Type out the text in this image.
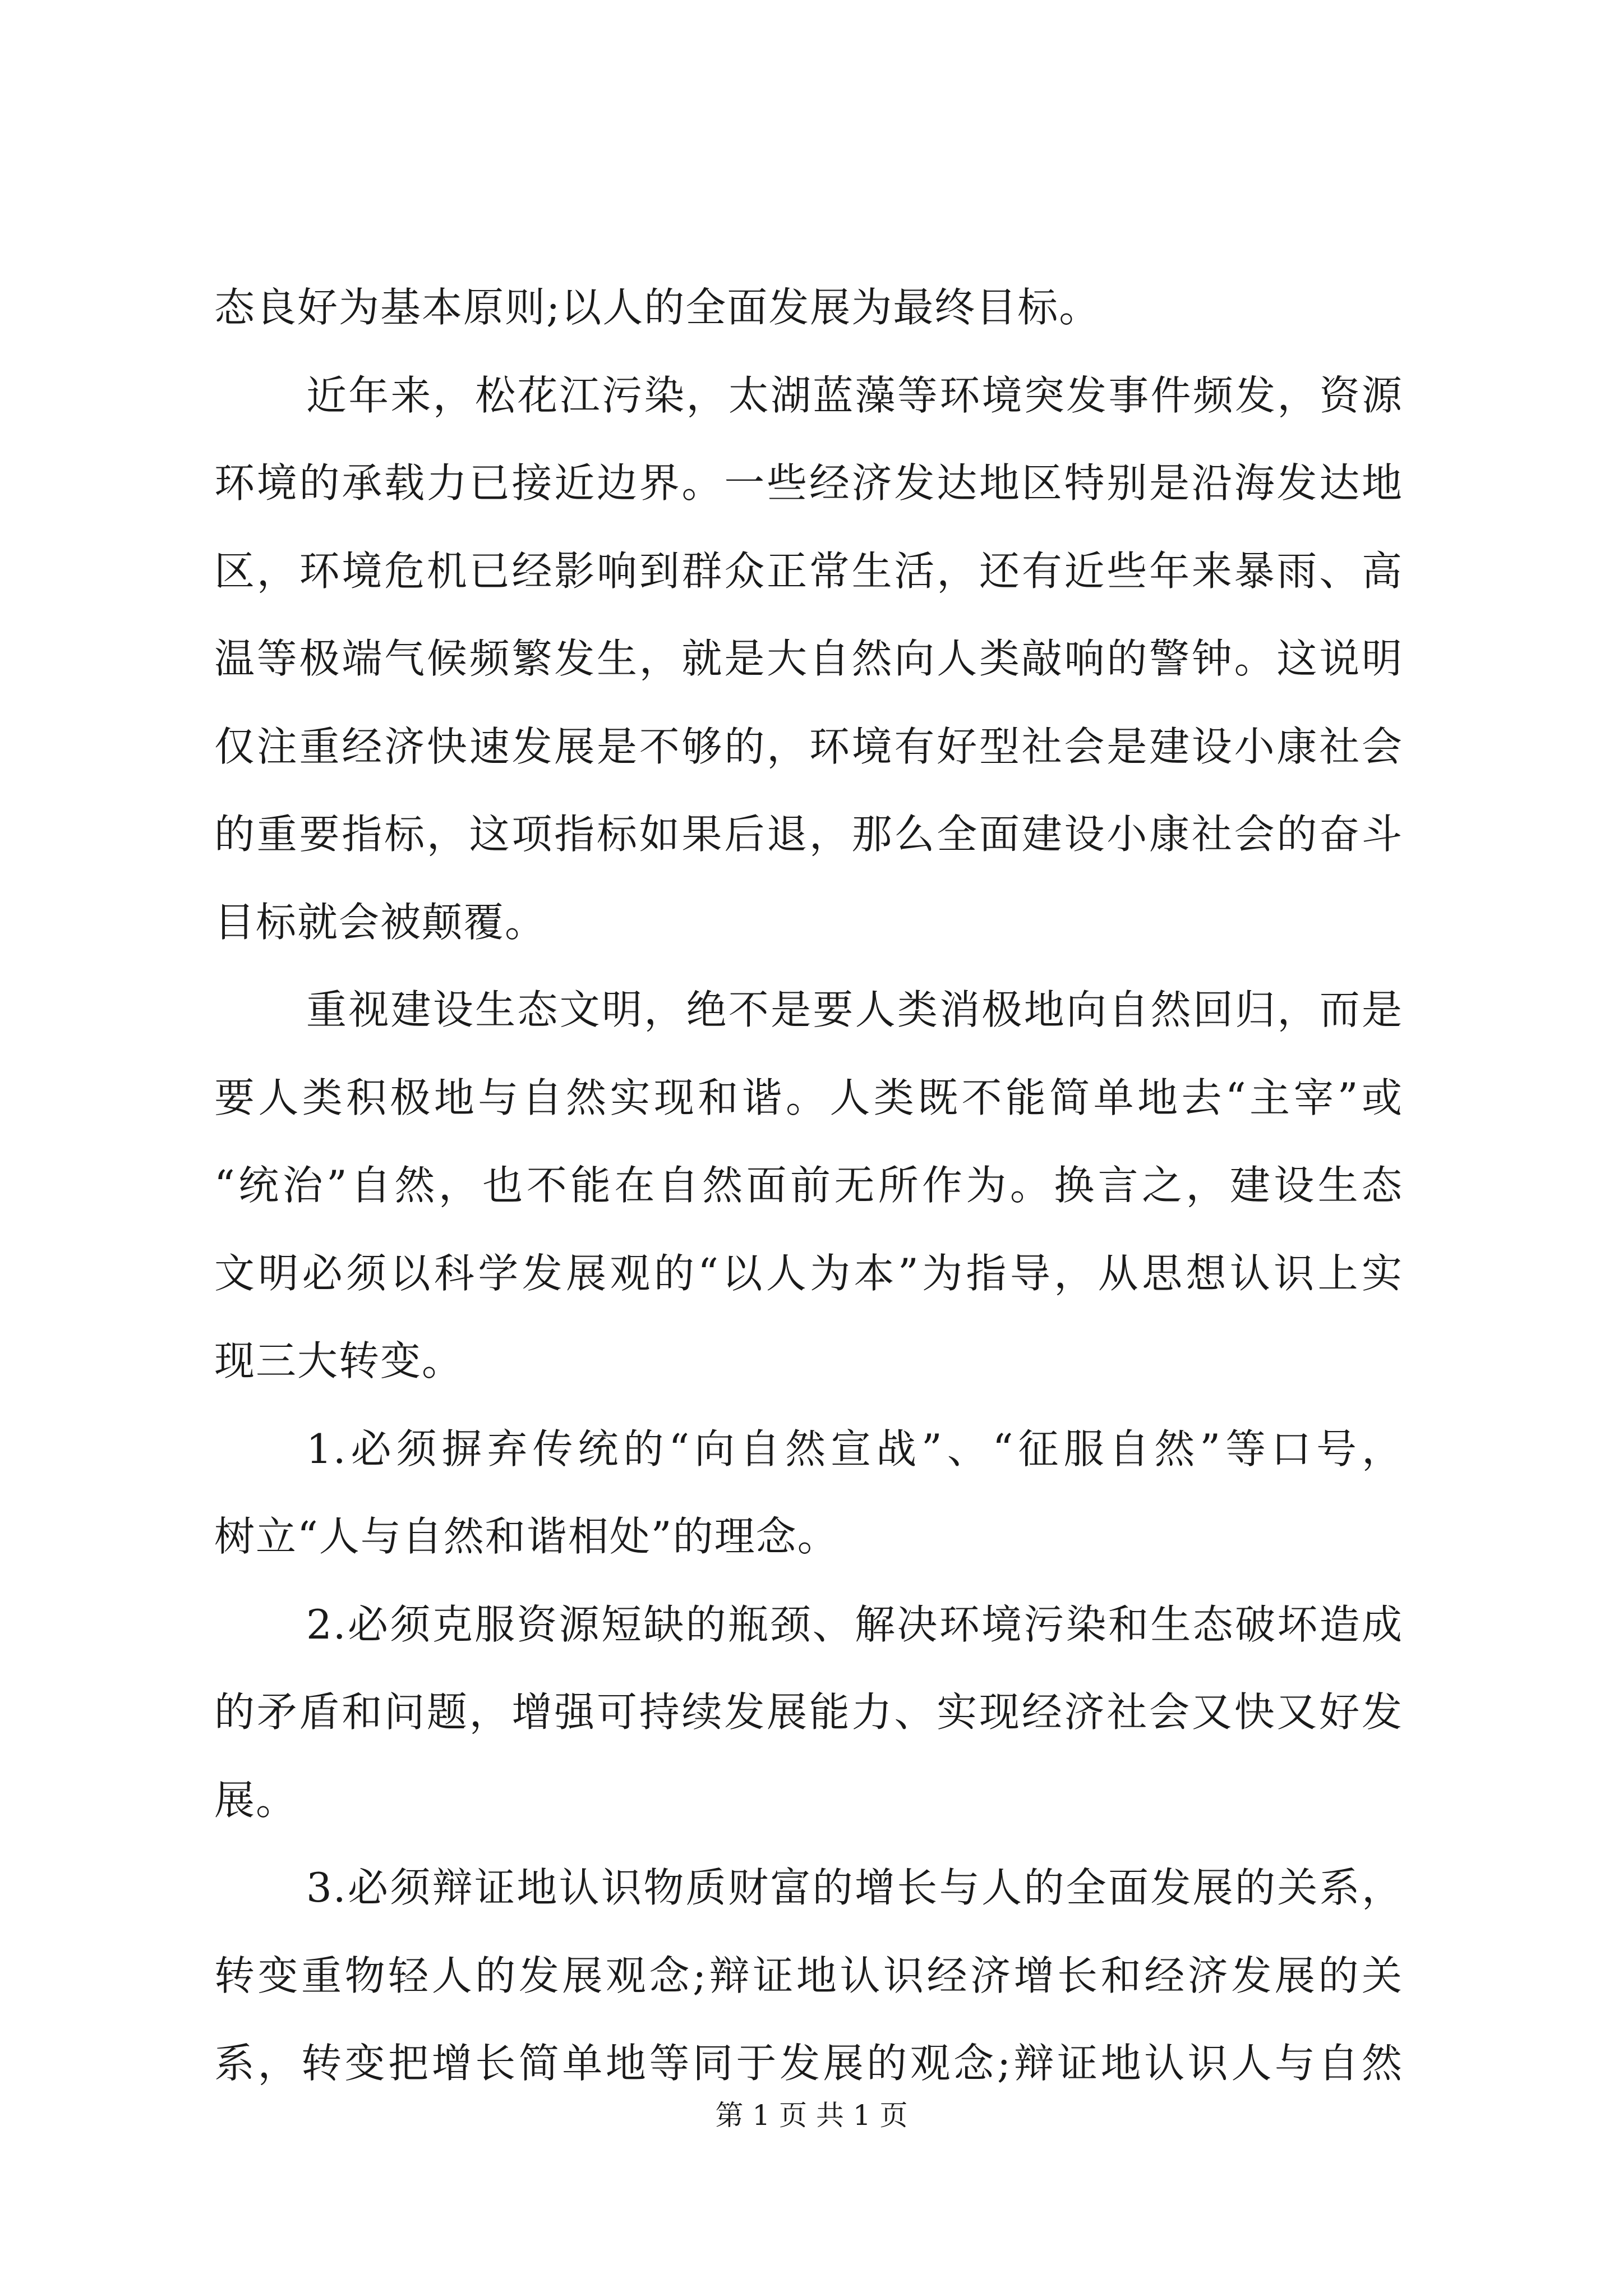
态良好为基本原则;以人的全面发展为最终目标。
近年来，松花江污染，太湖蓝藻等环境突发事件频发，资源
环境的承载力已接近边界。一些经济发达地区特别是沿海发达地
区，环境危机已经影响到群众正常生活，还有近些年来暴雨、高
温等极端气候频繁发生，就是大自然向人类敲响的警钟。这说明
仅注重经济快速发展是不够的，环境有好型社会是建设小康社会
的重要指标，这项指标如果后退，那么全面建设小康社会的奋斗
目标就会被颠覆。
重视建设生态文明，绝不是要人类消极地向自然回归，而是
要人类积极地与自然实现和谐。人类既不能简单地去“主宰”或
“统治”自然，也不能在自然面前无所作为。换言之，建设生态
文明必须以科学发展观的“以人为本”为指导，从思想认识上实
现三大转变。
1.必须摒弃传统的“向自然宣战”、“征服自然”等口号，
树立“人与自然和谐相处”的理念。
2.必须克服资源短缺的瓶颈、解决环境污染和生态破坏造成
的矛盾和问题，增强可持续发展能力、实现经济社会又快又好发
展。
3.必须辩证地认识物质财富的增长与人的全面发展的关系，
转变重物轻人的发展观念;辩证地认识经济增长和经济发展的关
系，转变把增长简单地等同于发展的观念;辩证地认识人与自然
第 1 页 共 1 页
